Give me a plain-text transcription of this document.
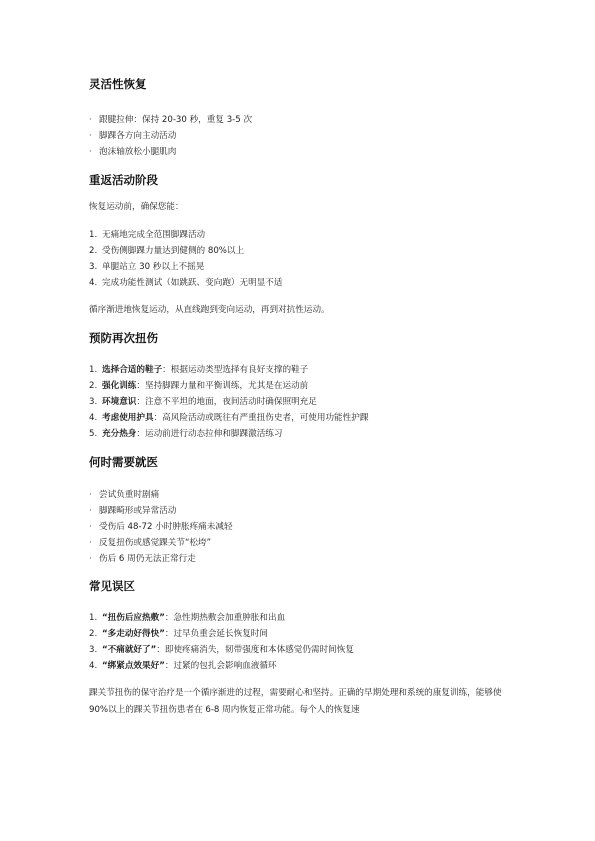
灵活性恢复
· 跟腱拉伸：保持 20-30 秒，重复 3-5 次
· 脚踝各方向主动活动
· 泡沫轴放松小腿肌肉
重返活动阶段

恢复运动前，确保您能：

1. 无痛地完成全范围脚踝活动
2. 受伤侧脚踝力量达到健侧的 80%以上
3. 单腿站立 30 秒以上不摇晃
4. 完成功能性测试（如跳跃、变向跑）无明显不适

循序渐进地恢复运动，从直线跑到变向运动，再到对抗性运动。

预防再次扭伤
1. 选择合适的鞋子：根据运动类型选择有良好支撑的鞋子
2. 强化训练：坚持脚踝力量和平衡训练，尤其是在运动前
3. 环境意识：注意不平坦的地面，夜间活动时确保照明充足
4. 考虑使用护具：高风险活动或既往有严重扭伤史者，可使用功能性护踝
5. 充分热身：运动前进行动态拉伸和脚踝激活练习
何时需要就医
· 尝试负重时剧痛
· 脚踝畸形或异常活动
· 受伤后 48-72 小时肿胀疼痛未减轻
· 反复扭伤或感觉踝关节“松垮”
· 伤后 6 周仍无法正常行走
常见误区
1. “扭伤后应热敷”：急性期热敷会加重肿胀和出血
2. “多走动好得快”：过早负重会延长恢复时间
3. “不痛就好了”：即使疼痛消失，韧带强度和本体感觉仍需时间恢复
4. “绑紧点效果好”：过紧的包扎会影响血液循环

踝关节扭伤的保守治疗是一个循序渐进的过程，需要耐心和坚持。正确的早期处理和系统的康复训练，能够使 90%以上的踝关节扭伤患者在 6-8 周内恢复正常功能。每个人的恢复速
